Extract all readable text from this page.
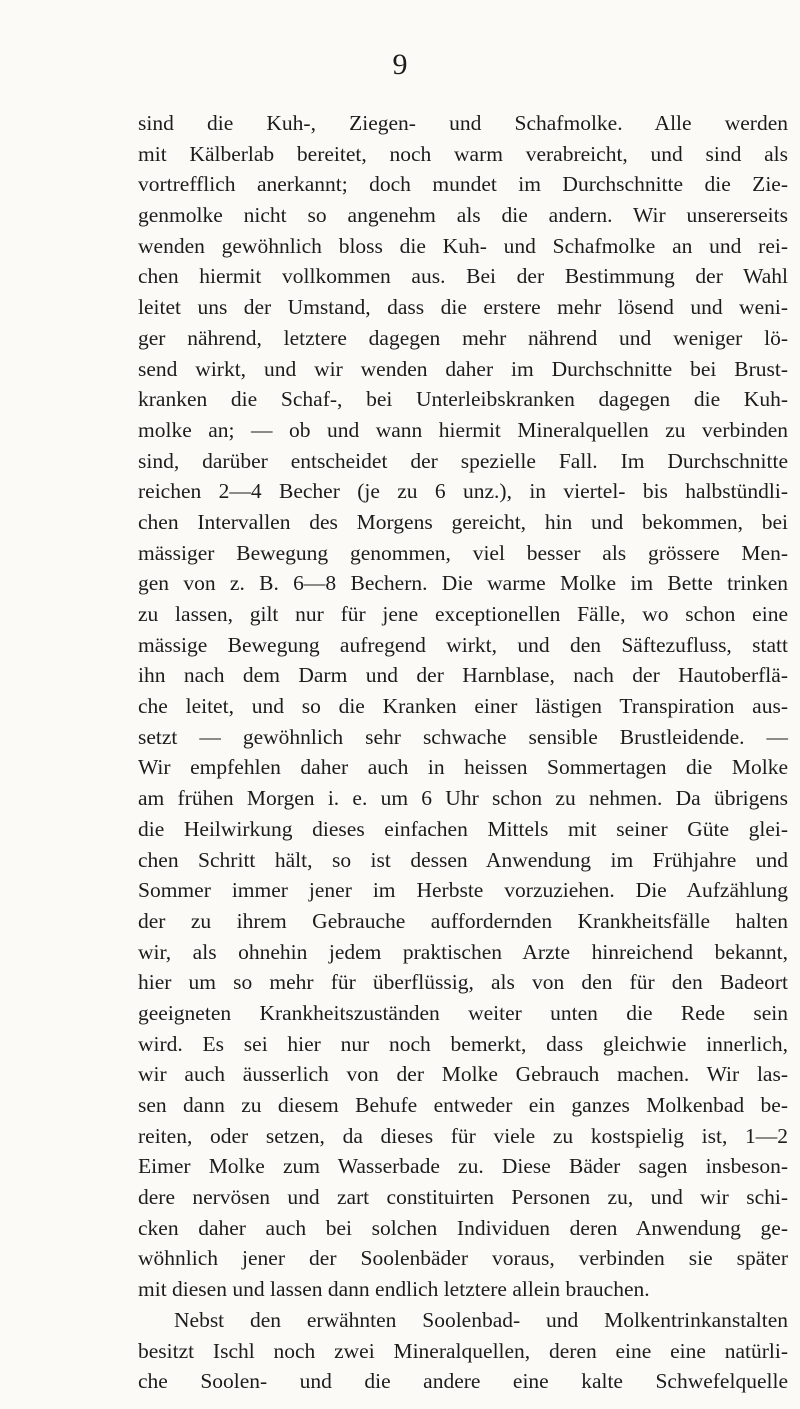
9
sind die Kuh-, Ziegen- und Schafmolke. Alle werden
mit Kälberlab bereitet, noch warm verabreicht, und sind als
vortrefflich anerkannt; doch mundet im Durchschnitte die Zie-
genmolke nicht so angenehm als die andern. Wir unsererseits
wenden gewöhnlich bloss die Kuh- und Schafmolke an und rei-
chen hiermit vollkommen aus. Bei der Bestimmung der Wahl
leitet uns der Umstand, dass die erstere mehr lösend und weni-
ger nährend, letztere dagegen mehr nährend und weniger lö-
send wirkt, und wir wenden daher im Durchschnitte bei Brust-
kranken die Schaf-, bei Unterleibskranken dagegen die Kuh-
molke an; — ob und wann hiermit Mineralquellen zu verbinden
sind, darüber entscheidet der spezielle Fall. Im Durchschnitte
reichen 2—4 Becher (je zu 6 unz.), in viertel- bis halbstündli-
chen Intervallen des Morgens gereicht, hin und bekommen, bei
mässiger Bewegung genommen, viel besser als grössere Men-
gen von z. B. 6—8 Bechern. Die warme Molke im Bette trinken
zu lassen, gilt nur für jene exceptionellen Fälle, wo schon eine
mässige Bewegung aufregend wirkt, und den Säftezufluss, statt
ihn nach dem Darm und der Harnblase, nach der Hautoberflä-
che leitet, und so die Kranken einer lästigen Transpiration aus-
setzt — gewöhnlich sehr schwache sensible Brustleidende. —
Wir empfehlen daher auch in heissen Sommertagen die Molke
am frühen Morgen i. e. um 6 Uhr schon zu nehmen. Da übrigens
die Heilwirkung dieses einfachen Mittels mit seiner Güte glei-
chen Schritt hält, so ist dessen Anwendung im Frühjahre und
Sommer immer jener im Herbste vorzuziehen. Die Aufzählung
der zu ihrem Gebrauche auffordernden Krankheitsfälle halten
wir, als ohnehin jedem praktischen Arzte hinreichend bekannt,
hier um so mehr für überflüssig, als von den für den Badeort
geeigneten Krankheitszuständen weiter unten die Rede sein
wird. Es sei hier nur noch bemerkt, dass gleichwie innerlich,
wir auch äusserlich von der Molke Gebrauch machen. Wir las-
sen dann zu diesem Behufe entweder ein ganzes Molkenbad be-
reiten, oder setzen, da dieses für viele zu kostspielig ist, 1—2
Eimer Molke zum Wasserbade zu. Diese Bäder sagen insbeson-
dere nervösen und zart constituirten Personen zu, und wir schi-
cken daher auch bei solchen Individuen deren Anwendung ge-
wöhnlich jener der Soolenbäder voraus, verbinden sie später
mit diesen und lassen dann endlich letztere allein brauchen.
Nebst den erwähnten Soolenbad- und Molkentrinkanstalten
besitzt Ischl noch zwei Mineralquellen, deren eine eine natürli-
che Soolen- und die andere eine kalte Schwefelquelle
